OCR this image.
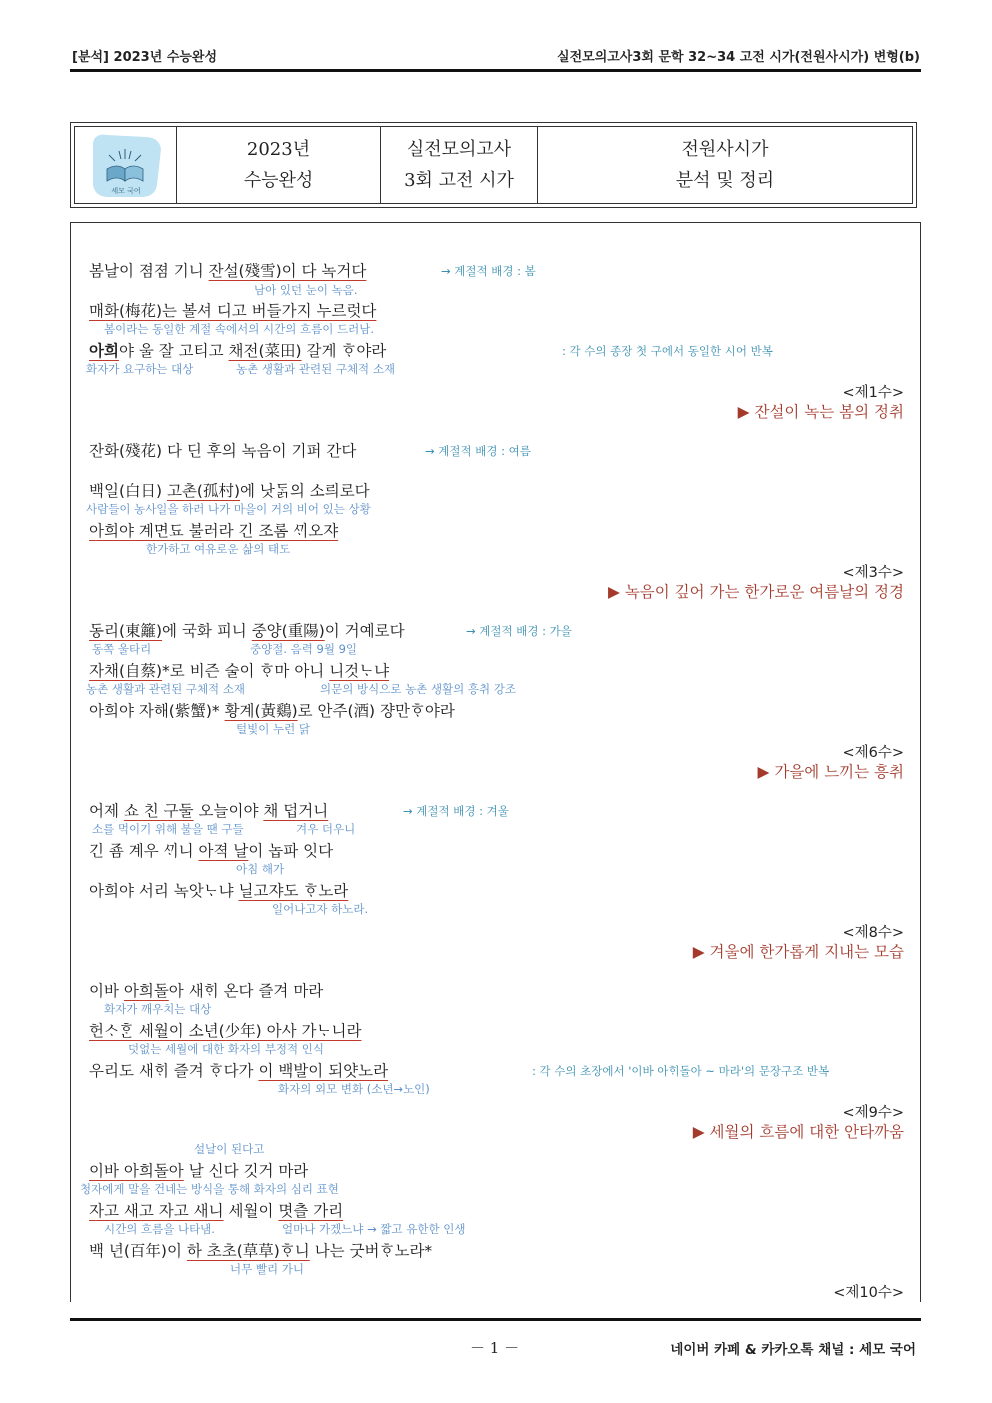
[분석] 2023년 수능완성	실전모의고사3회 문학 32~34 고전 시가(전원사시가) 변형(b)
세모 국어
2023년
수능완성
실전모의고사
3회 고전 시가
전원사시가
분석 및 정리
봄날이 졈졈 기니 잔설(殘雪)이 다 녹거다	→ 계절적 배경 : 봄
남아 있던 눈이 녹음.
매화(梅花)는 볼셔 디고 버들가지 누르럿다
봄이라는 동일한 계절 속에서의 시간의 흐름이 드러남.
아희야 울 잘 고티고 채전(菜田) 갈게 ᄒᆞ야라	: 각 수의 종장 첫 구에서 동일한 시어 반복
화자가 요구하는 대상	농촌 생활과 관련된 구체적 소재
<제1수>
▶ 잔설이 녹는 봄의 정취
잔화(殘花) 다 딘 후의 녹음이 기퍼 간다	→ 계절적 배경 : 여름
백일(白日) 고촌(孤村)에 낫ᄃᆞᆰ의 소릐로다
사람들이 농사일을 하러 나가 마을이 거의 비어 있는 상황
아희야 계면됴 불러라 긴 조롬 ᄭᆡ오쟈
한가하고 여유로운 삶의 태도
<제3수>
▶ 녹음이 깊어 가는 한가로운 여름날의 정경
동리(東籬)에 국화 피니 중양(重陽)이 거예로다	→ 계절적 배경 : 가을
동쪽 울타리	중양절. 음력 9월 9일
자채(自蔡)*로 비즌 술이 ᄒᆞ마 아니 니것ᄂᆞ냐
농촌 생활과 관련된 구체적 소재	의문의 방식으로 농촌 생활의 흥취 강조
아희야 자해(紫蟹)* 황계(黃鷄)로 안주(酒) 쟝만ᄒᆞ야라
털빛이 누런 닭
<제6수>
▶ 가을에 느끼는 흥취
어제 쇼 친 구둘 오늘이야 채 덥거니	→ 계절적 배경 : 겨울
소를 먹이기 위해 불을 땐 구들	겨우 더우니
긴 죰 계우 ᄭᆡ니 아젹 날이 놉파 잇다
아침 해가
아희야 서리 녹앗ᄂᆞ냐 닐고쟈도 ᄒᆞ노라
일어나고자 하노라.
<제8수>
▶ 겨울에 한가롭게 지내는 모습
이바 아희돌아 새ᄒᆡ 온다 즐겨 마라
화자가 깨우치는 대상
헌ᄉᆞᄒᆞᆫ 세월이 소년(少年) 아사 가ᄂᆞ니라
덧없는 세월에 대한 화자의 부정적 인식
우리도 새ᄒᆡ 즐겨 ᄒᆞ다가 이 백발이 되얏노라	: 각 수의 초장에서 '이바 아ᄒᆡ돌아 ~ 마라'의 문장구조 반복
화자의 외모 변화 (소년→노인)
<제9수>
▶ 세월의 흐름에 대한 안타까움
설날이 된다고
이바 아희돌아 날 신다 깃거 마라
청자에게 말을 건네는 방식을 통해 화자의 심리 표현
자고 새고 자고 새니 세월이 몃츨 가리
시간의 흐름을 나타냄.	얼마나 가겠느냐 → 짧고 유한한 인생
백 년(百年)이 하 초초(草草)ᄒᆞ니 나는 굿버ᄒᆞ노라*
너무 빨리 가니
<제10수>
－ 1 －	네이버 카페 & 카카오톡 채널 : 세모 국어
